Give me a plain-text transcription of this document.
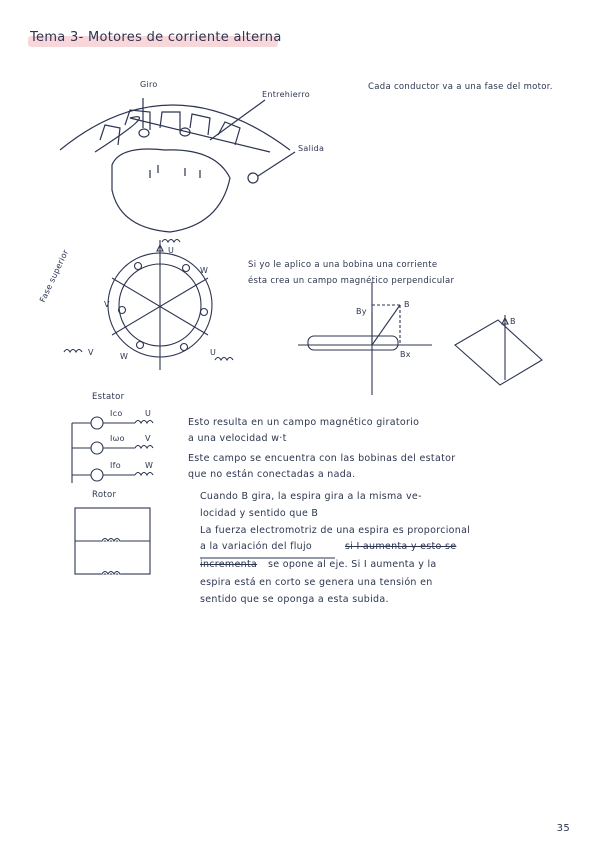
Tema 3- Motores de corriente alterna
Giro
Entrehierro
Salida
Cada conductor va a una fase del motor.
U
W
V
W	U
V
Fase superior	Si yo le aplico a una bobina una corriente
ésta crea un campo magnético perpendicular
By
B
Bx
B
Estator
Ico	U
Iωo	V
Ifo	W
Rotor
Esto resulta en un campo magnético giratorio
a una velocidad w·t
Este campo se encuentra con las bobinas del estator
que no están conectadas a nada.
Cuando B gira, la espira gira a la misma ve-
locidad y sentido que B
La fuerza electromotriz de una espira es proporcional
a la variación del flujo	si I aumenta y esto se
incrementa se opone al eje. Si I aumenta y la
espira está en corto se genera una tensión en
sentido que se oponga a esta subida.
35
